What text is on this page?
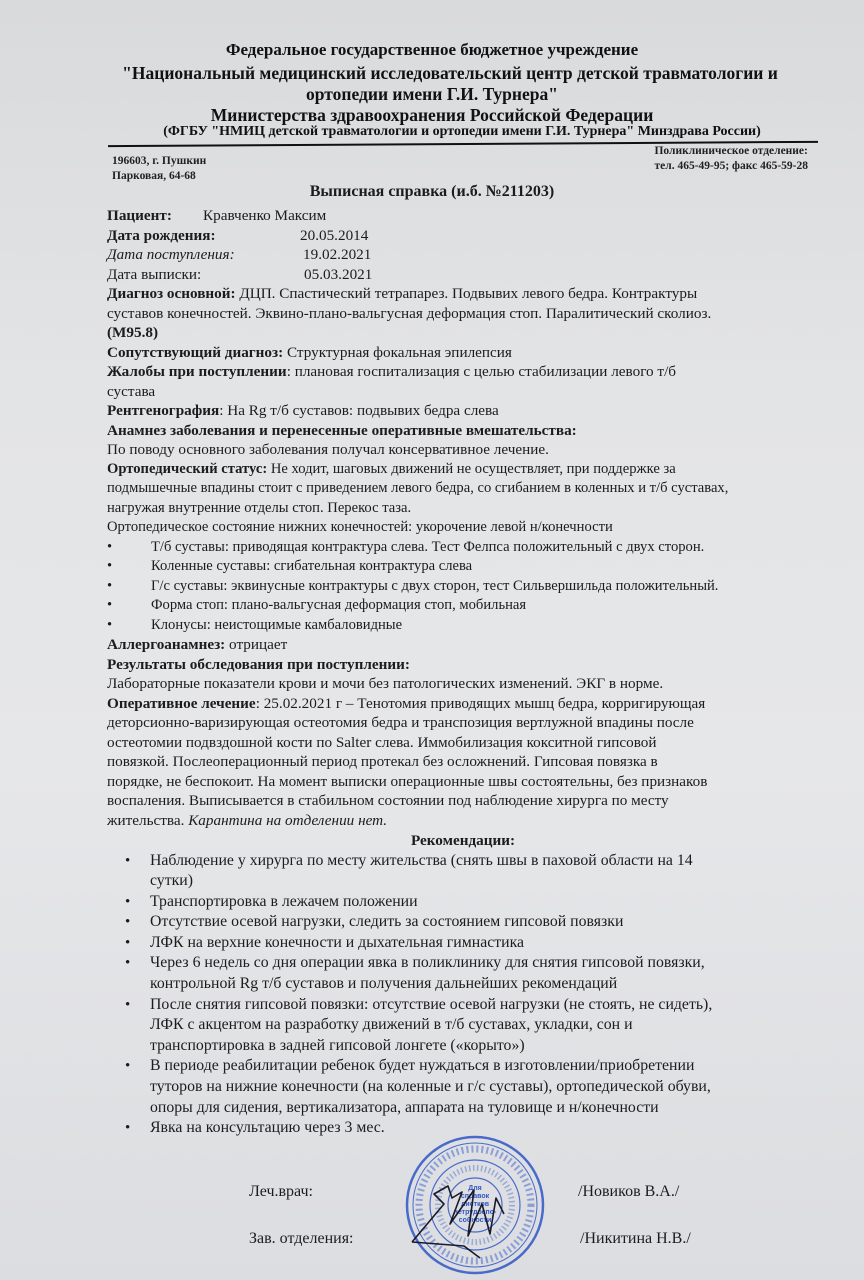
Федеральное государственное бюджетное учреждение
"Национальный медицинский исследовательский центр детской травматологии и
ортопедии имени Г.И. Турнера"
Министерства здравоохранения Российской Федерации
(ФГБУ "НМИЦ детской травматологии и ортопедии имени Г.И. Турнера" Минздрава России)
196603, г. Пушкин
Парковая, 64-68
Поликлиническое отделение:
тел. 465-49-95; факс 465-59-28
Выписная справка (и.б. №211203)
Пациент: Кравченко Максим
Дата рождения:	20.05.2014
Дата поступления:	19.02.2021
Дата выписки:	05.03.2021
Диагноз основной: ДЦП. Спастический тетрапарез. Подвывих левого бедра. Контрактуры
суставов конечностей. Эквино-плано-вальгусная деформация стоп. Паралитический сколиоз.
(М95.8)
Сопутствующий диагноз: Структурная фокальная эпилепсия
Жалобы при поступлении: плановая госпитализация с целью стабилизации левого т/б
сустава
Рентгенография: На Rg т/б суставов: подвывих бедра слева
Анамнез заболевания и перенесенные оперативные вмешательства:
По поводу основного заболевания получал консервативное лечение.
Ортопедический статус: Не ходит, шаговых движений не осуществляет, при поддержке за
подмышечные впадины стоит с приведением левого бедра, со сгибанием в коленных и т/б суставах,
нагружая внутренние отделы стоп. Перекос таза.
Ортопедическое состояние нижних конечностей: укорочение левой н/конечности
•	Т/б суставы: приводящая контрактура слева. Тест Фелпса положительный с двух сторон.
•	Коленные суставы: сгибательная контрактура слева
•	Г/с суставы: эквинусные контрактуры с двух сторон, тест Сильвершильда положительный.
•	Форма стоп: плано-вальгусная деформация стоп, мобильная
•	Клонусы: неистощимые камбаловидные
Аллергоанамнез: отрицает
Результаты обследования при поступлении:
Лабораторные показатели крови и мочи без патологических изменений. ЭКГ в норме.
Оперативное лечение: 25.02.2021 г – Тенотомия приводящих мышц бедра, корригирующая
деторсионно-варизирующая остеотомия бедра и транспозиция вертлужной впадины после
остеотомии подвздошной кости по Salter слева. Иммобилизация кокситной гипсовой
повязкой. Послеоперационный период протекал без осложнений. Гипсовая повязка в
порядке, не беспокоит. На момент выписки операционные швы состоятельны, без признаков
воспаления. Выписывается в стабильном состоянии под наблюдение хирурга по месту
жительства. Карантина на отделении нет.
Рекомендации:
• Наблюдение у хирурга по месту жительства (снять швы в паховой области на 14
сутки)
• Транспортировка в лежачем положении
• Отсутствие осевой нагрузки, следить за состоянием гипсовой повязки
• ЛФК на верхние конечности и дыхательная гимнастика
• Через 6 недель со дня операции явка в поликлинику для снятия гипсовой повязки,
контрольной Rg т/б суставов и получения дальнейших рекомендаций
• После снятия гипсовой повязки: отсутствие осевой нагрузки (не стоять, не сидеть),
ЛФК с акцентом на разработку движений в т/б суставах, укладки, сон и
транспортировка в задней гипсовой лонгете («корыто»)
• В периоде реабилитации ребенок будет нуждаться в изготовлении/приобретении
туторов на нижние конечности (на коленные и г/с суставы), ортопедической обуви,
опоры для сидения, вертикализатора, аппарата на туловище и н/конечности
• Явка на консультацию через 3 мес.
Леч.врач:	/Новиков В.А./
Зав. отделения:	/Никитина Н.В./
Для
справок
листков
нетрудоспо-
собности
